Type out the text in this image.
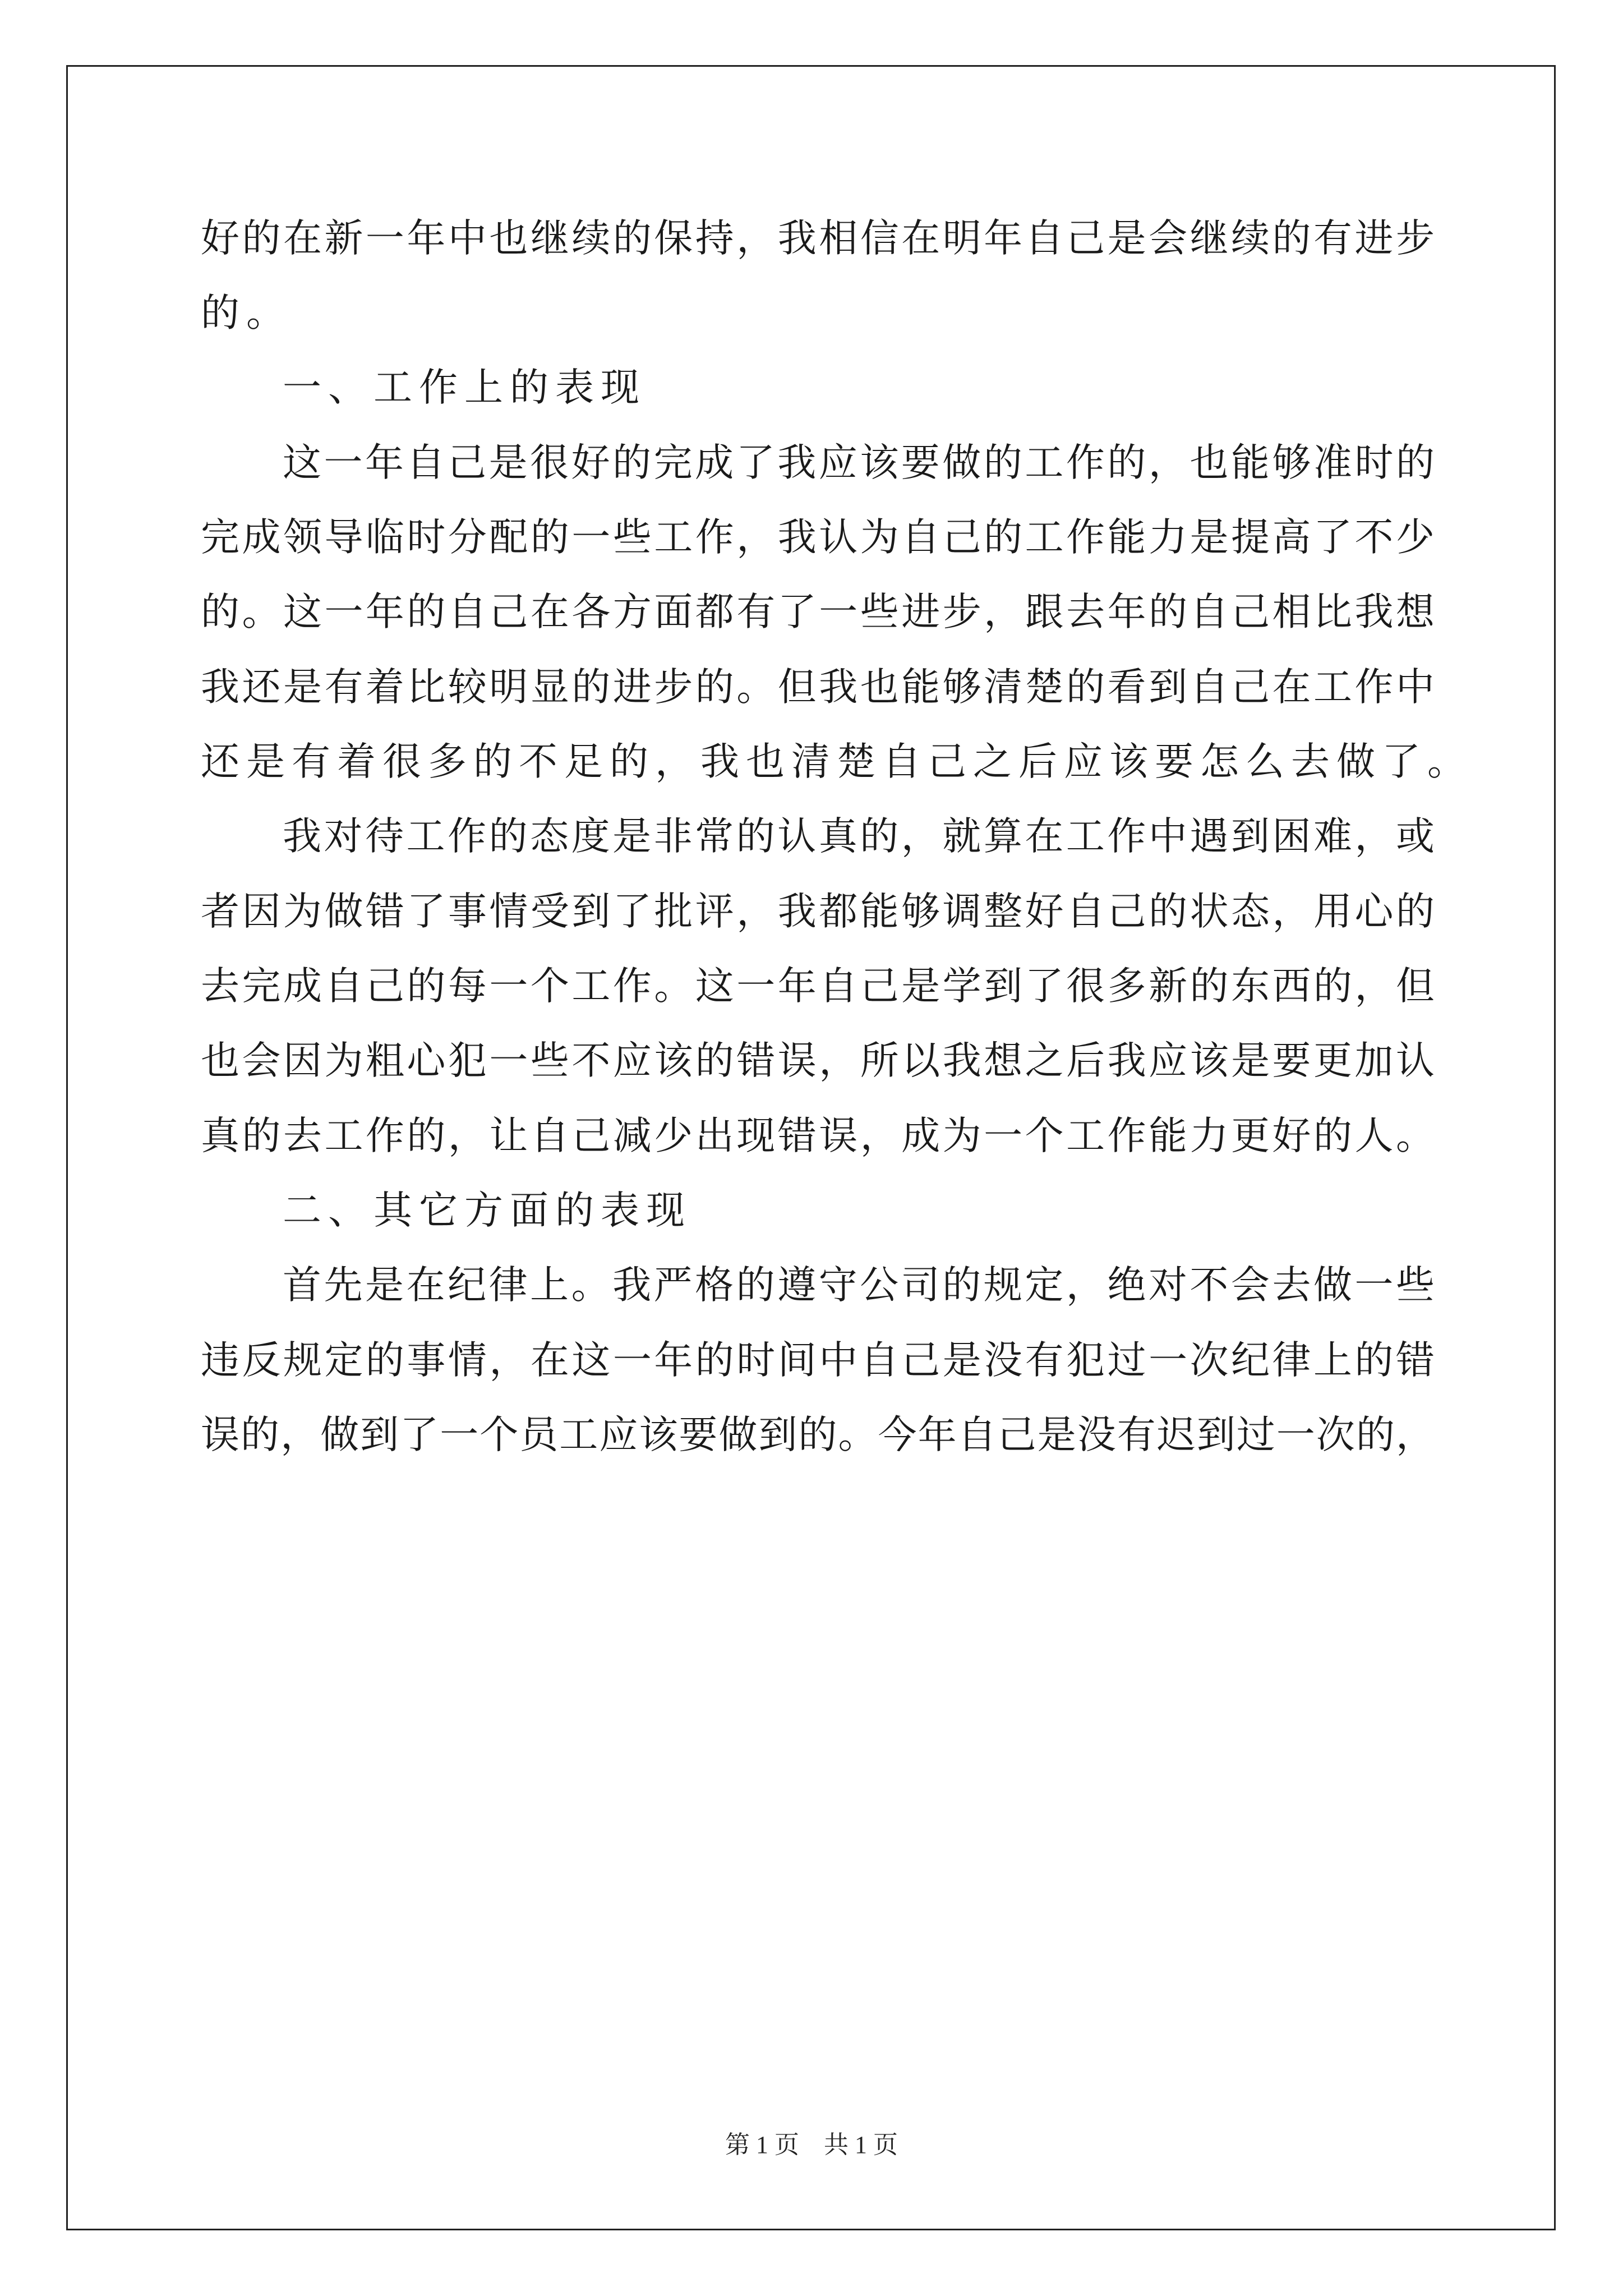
好的在新一年中也继续的保持，我相信在明年自己是会继续的有进步
的。
一、工作上的表现
这一年自己是很好的完成了我应该要做的工作的，也能够准时的
完成领导临时分配的一些工作，我认为自己的工作能力是提高了不少
的。这一年的自己在各方面都有了一些进步，跟去年的自己相比我想
我还是有着比较明显的进步的。但我也能够清楚的看到自己在工作中
还是有着很多的不足的，我也清楚自己之后应该要怎么去做了。
我对待工作的态度是非常的认真的，就算在工作中遇到困难，或
者因为做错了事情受到了批评，我都能够调整好自己的状态，用心的
去完成自己的每一个工作。这一年自己是学到了很多新的东西的，但
也会因为粗心犯一些不应该的错误，所以我想之后我应该是要更加认
真的去工作的，让自己减少出现错误，成为一个工作能力更好的人。
二、其它方面的表现
首先是在纪律上。我严格的遵守公司的规定，绝对不会去做一些
违反规定的事情，在这一年的时间中自己是没有犯过一次纪律上的错
误的，做到了一个员工应该要做到的。今年自己是没有迟到过一次的，
第 1 页 共 1 页
